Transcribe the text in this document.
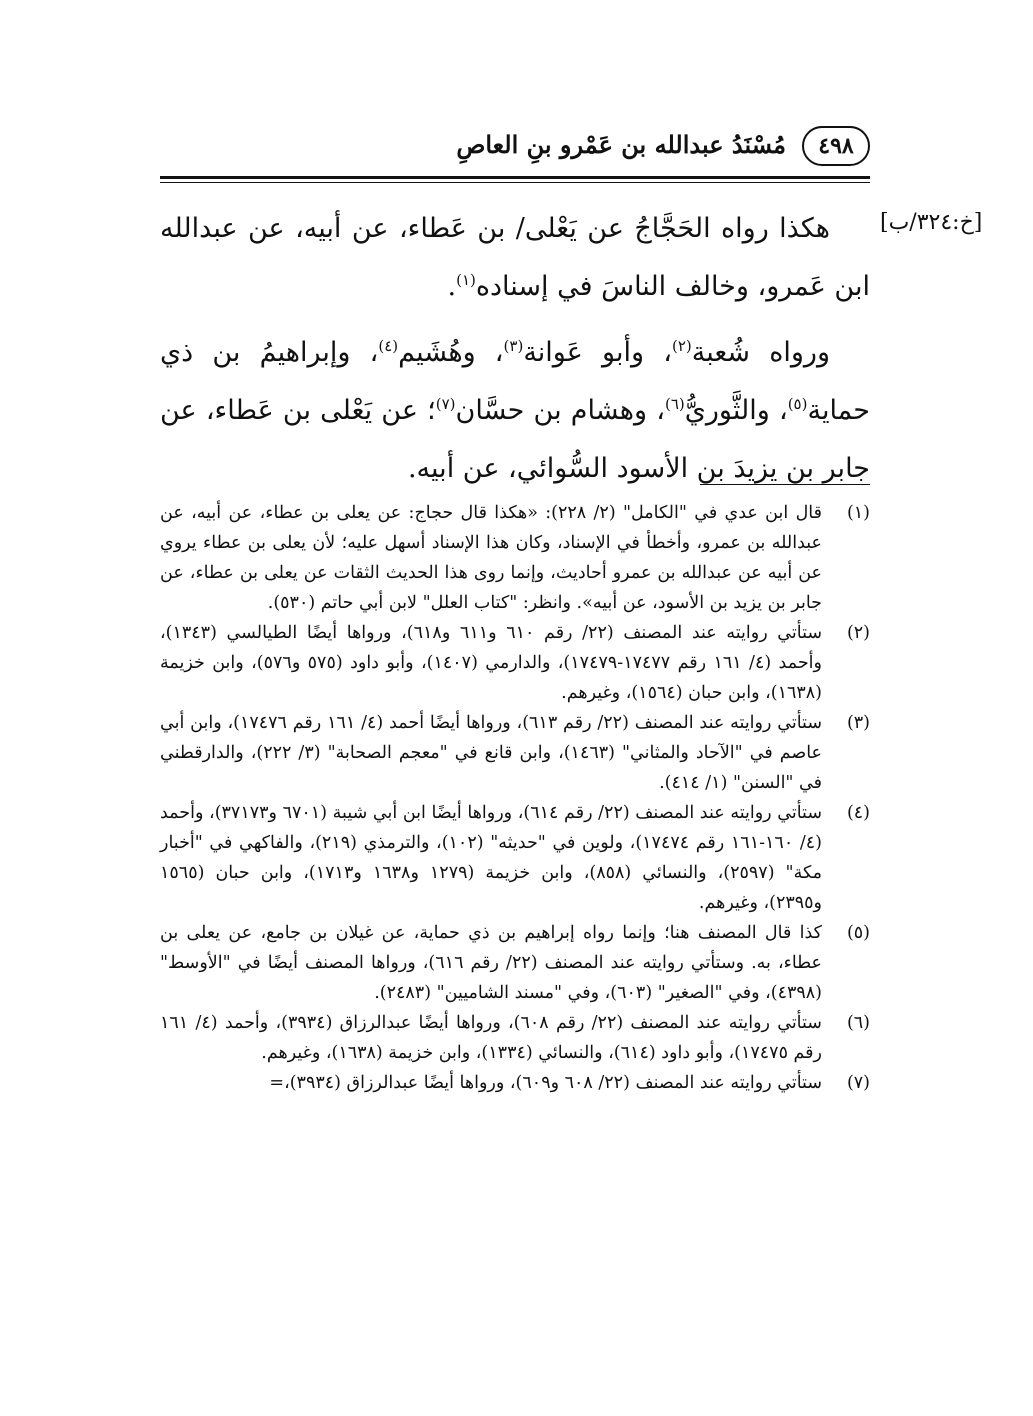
٤٩٨
مُسْنَدُ عبدالله بن عَمْرو بنِ العاصِ
[خ:٣٢٤/ب]

هكذا رواه الحَجَّاجُ عن يَعْلى/ بن عَطاء، عن أبيه، عن عبدالله ابن عَمرو، وخالف الناسَ في إسناده$^{(١)}$.

ورواه شُعبة$^{(٢)}$، وأبو عَوانة$^{(٣)}$، وهُشَيم$^{(٤)}$، وإبراهيمُ بن ذي حماية$^{(٥)}$، والثَّوريُّ$^{(٦)}$، وهشام بن حسَّان$^{(٧)}$؛ عن يَعْلى بن عَطاء، عن جابر بن يزيدَ بن الأسود السُّوائي، عن أبيه.

(١)
قال ابن عدي في "الكامل" (٢/ ٢٢٨): «هكذا قال حجاج: عن يعلى بن عطاء، عن أبيه، عن عبدالله بن عمرو، وأخطأ في الإسناد، وكان هذا الإسناد أسهل عليه؛ لأن يعلى بن عطاء يروي عن أبيه عن عبدالله بن عمرو أحاديث، وإنما روى هذا الحديث الثقات عن يعلى بن عطاء، عن جابر بن يزيد بن الأسود، عن أبيه». وانظر: "كتاب العلل" لابن أبي حاتم (٥٣٠).
(٢)
ستأتي روايته عند المصنف (٢٢/ رقم ٦١٠ و٦١١ و٦١٨)، ورواها أيضًا الطيالسي (١٣٤٣)، وأحمد (٤/ ١٦١ رقم ١٧٤٧٧-١٧٤٧٩)، والدارمي (١٤٠٧)، وأبو داود (٥٧٥ و٥٧٦)، وابن خزيمة (١٦٣٨)، وابن حبان (١٥٦٤)، وغيرهم.
(٣)
ستأتي روايته عند المصنف (٢٢/ رقم ٦١٣)، ورواها أيضًا أحمد (٤/ ١٦١ رقم ١٧٤٧٦)، وابن أبي عاصم في "الآحاد والمثاني" (١٤٦٣)، وابن قانع في "معجم الصحابة" (٣/ ٢٢٢)، والدارقطني في "السنن" (١/ ٤١٤).
(٤)
ستأتي روايته عند المصنف (٢٢/ رقم ٦١٤)، ورواها أيضًا ابن أبي شيبة (٦٧٠١ و٣٧١٧٣)، وأحمد (٤/ ١٦٠-١٦١ رقم ١٧٤٧٤)، ولوين في "حديثه" (١٠٢)، والترمذي (٢١٩)، والفاكهي في "أخبار مكة" (٢٥٩٧)، والنسائي (٨٥٨)، وابن خزيمة (١٢٧٩ و١٦٣٨ و١٧١٣)، وابن حبان (١٥٦٥ و٢٣٩٥)، وغيرهم.
(٥)
كذا قال المصنف هنا؛ وإنما رواه إبراهيم بن ذي حماية، عن غيلان بن جامع، عن يعلى بن عطاء، به. وستأتي روايته عند المصنف (٢٢/ رقم ٦١٦)، ورواها المصنف أيضًا في "الأوسط" (٤٣٩٨)، وفي "الصغير" (٦٠٣)، وفي "مسند الشاميين" (٢٤٨٣).
(٦)
ستأتي روايته عند المصنف (٢٢/ رقم ٦٠٨)، ورواها أيضًا عبدالرزاق (٣٩٣٤)، وأحمد (٤/ ١٦١ رقم ١٧٤٧٥)، وأبو داود (٦١٤)، والنسائي (١٣٣٤)، وابن خزيمة (١٦٣٨)، وغيرهم.
(٧)
ستأتي روايته عند المصنف (٢٢/ ٦٠٨ و٦٠٩)، ورواها أيضًا عبدالرزاق (٣٩٣٤)،=
